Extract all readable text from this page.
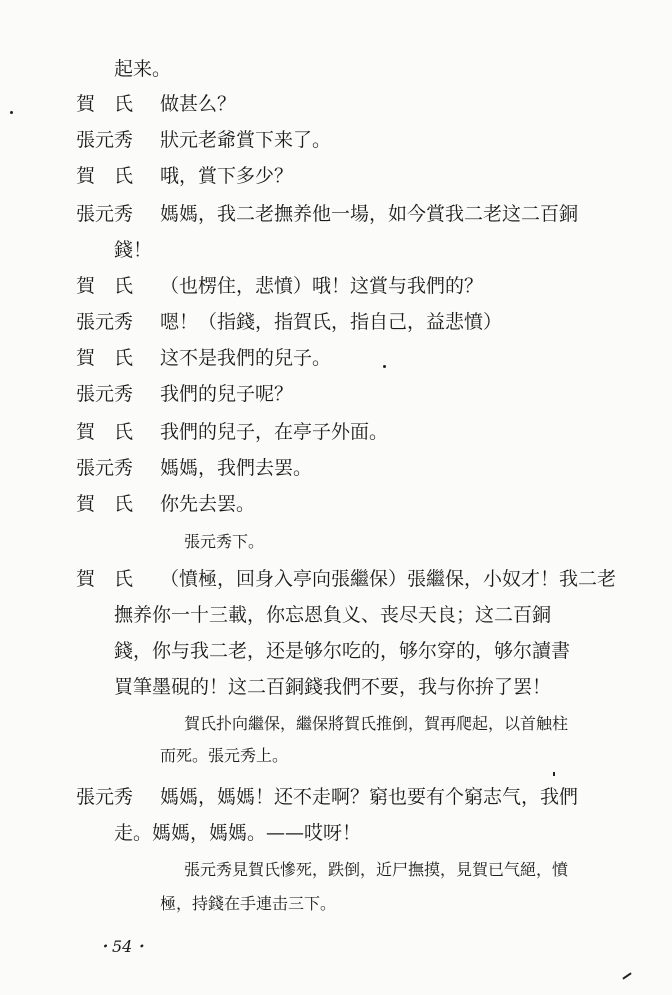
起来。
賀　氏 做甚么？
張元秀 狀元老爺賞下来了。
賀　氏 哦，賞下多少？
張元秀 媽媽，我二老撫养他一場，如今賞我二老这二百銅
錢！
賀　氏 （也楞住，悲憤）哦！这賞与我們的？
張元秀 嗯！（指錢，指賀氏，指自己，益悲憤）
賀　氏 这不是我們的兒子。
張元秀 我們的兒子呢？
賀　氏 我們的兒子，在亭子外面。
張元秀 媽媽，我們去罢。
賀　氏 你先去罢。
張元秀下。
賀　氏 （憤極，回身入亭向張繼保）張繼保，小奴才！我二老
撫养你一十三載，你忘恩負义、丧尽天良；这二百銅
錢，你与我二老，还是够尔吃的，够尔穿的，够尔讀書
買筆墨硯的！这二百銅錢我們不要，我与你拚了罢！
賀氏扑向繼保，繼保將賀氏推倒，賀再爬起，以首触柱
而死。張元秀上。
張元秀 媽媽，媽媽！还不走啊？窮也要有个窮志气，我們
走。媽媽，媽媽。——哎呀！
張元秀見賀氏慘死，跌倒，近尸撫摸，見賀已气絕，憤
極，持錢在手連击三下。
・54・
